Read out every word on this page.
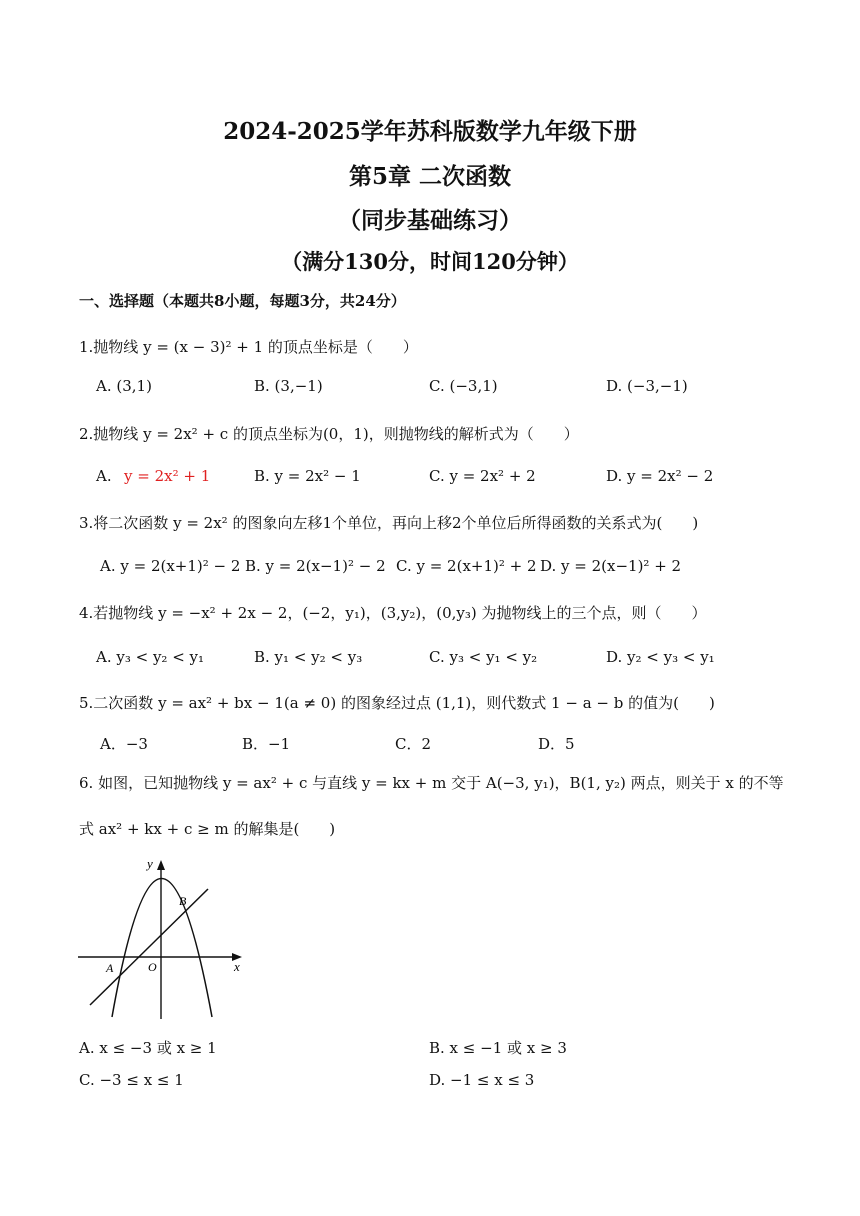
2024-2025学年苏科版数学九年级下册
第5章 二次函数
（同步基础练习）
（满分130分，时间120分钟）
一、选择题（本题共8小题，每题3分，共24分）
1.抛物线 y = (x − 3)² + 1 的顶点坐标是（　　）
A. (3,1)	B. (3,−1)	C. (−3,1)	D. (−3,−1)
2.抛物线 y = 2x² + c 的顶点坐标为(0，1)，则抛物线的解析式为（　　）
A. y = 2x² + 1	B. y = 2x² − 1	C. y = 2x² + 2	D. y = 2x² − 2
3.将二次函数 y = 2x² 的图象向左移1个单位，再向上移2个单位后所得函数的关系式为(　　)
A. y = 2(x+1)² − 2 B. y = 2(x−1)² − 2 C. y = 2(x+1)² + 2 D. y = 2(x−1)² + 2
4.若抛物线 y = −x² + 2x − 2，(−2，y₁)，(3,y₂)，(0,y₃) 为抛物线上的三个点，则（　　）
A. y₃ < y₂ < y₁	B. y₁ < y₂ < y₃	C. y₃ < y₁ < y₂	D. y₂ < y₃ < y₁
5.二次函数 y = ax² + bx − 1(a ≠ 0) 的图象经过点 (1,1)，则代数式 1 − a − b 的值为(　　)
A．−3	B．−1	C．2	D．5
6. 如图，已知抛物线 y = ax² + c 与直线 y = kx + m 交于 A(−3, y₁)，B(1, y₂) 两点，则关于 x 的不等
式 ax² + kx + c ≥ m 的解集是(　　)
y
x
O
A
B
A. x ≤ −3 或 x ≥ 1	B. x ≤ −1 或 x ≥ 3
C. −3 ≤ x ≤ 1	D. −1 ≤ x ≤ 3
